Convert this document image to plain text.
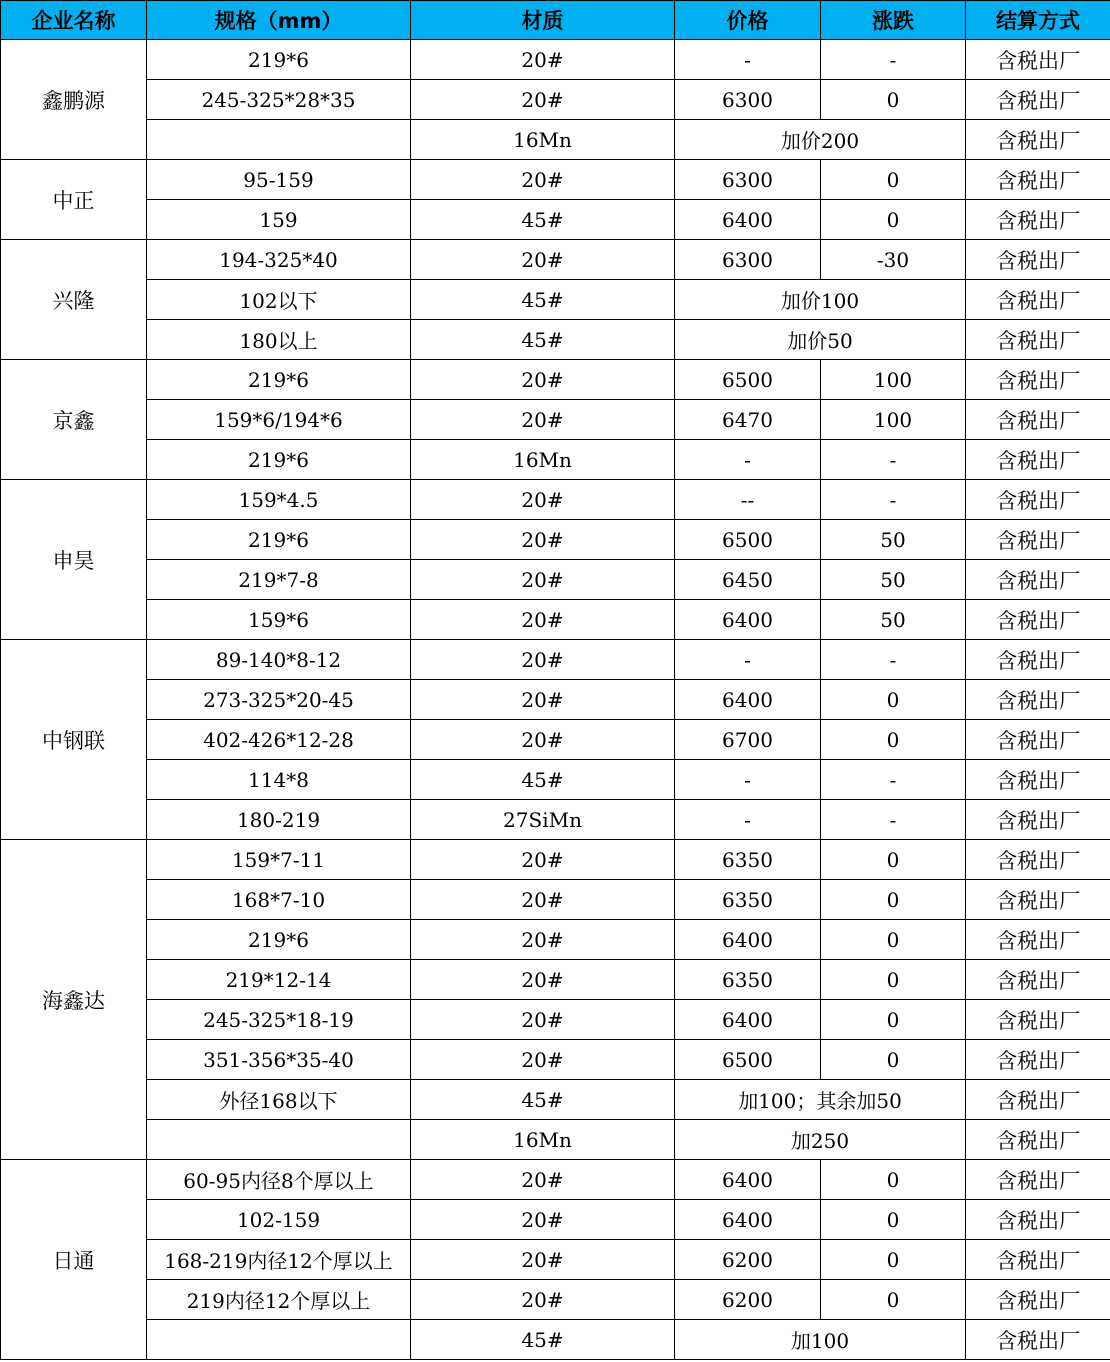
企业名称	规格（mm）	材质	价格	涨跌	结算方式
鑫鹏源	219*6	20#	-	-	含税出厂
	245-325*28*35	20#	6300	0	含税出厂
		16Mn	加价200		含税出厂
中正	95-159	20#	6300	0	含税出厂
	159	45#	6400	0	含税出厂
兴隆	194-325*40	20#	6300	-30	含税出厂
	102以下	45#	加价100		含税出厂
	180以上	45#	加价50		含税出厂
京鑫	219*6	20#	6500	100	含税出厂
	159*6/194*6	20#	6470	100	含税出厂
	219*6	16Mn	-	-	含税出厂
申昊	159*4.5	20#	--	-	含税出厂
	219*6	20#	6500	50	含税出厂
	219*7-8	20#	6450	50	含税出厂
	159*6	20#	6400	50	含税出厂
中钢联	89-140*8-12	20#	-	-	含税出厂
	273-325*20-45	20#	6400	0	含税出厂
	402-426*12-28	20#	6700	0	含税出厂
	114*8	45#	-	-	含税出厂
	180-219	27SiMn	-	-	含税出厂
海鑫达	159*7-11	20#	6350	0	含税出厂
	168*7-10	20#	6350	0	含税出厂
	219*6	20#	6400	0	含税出厂
	219*12-14	20#	6350	0	含税出厂
	245-325*18-19	20#	6400	0	含税出厂
	351-356*35-40	20#	6500	0	含税出厂
	外径168以下	45#	加100；其余加50		含税出厂
		16Mn	加250		含税出厂
日通	60-95内径8个厚以上	20#	6400	0	含税出厂
	102-159	20#	6400	0	含税出厂
	168-219内径12个厚以上	20#	6200	0	含税出厂
	219内径12个厚以上	20#	6200	0	含税出厂
		45#	加100		含税出厂
